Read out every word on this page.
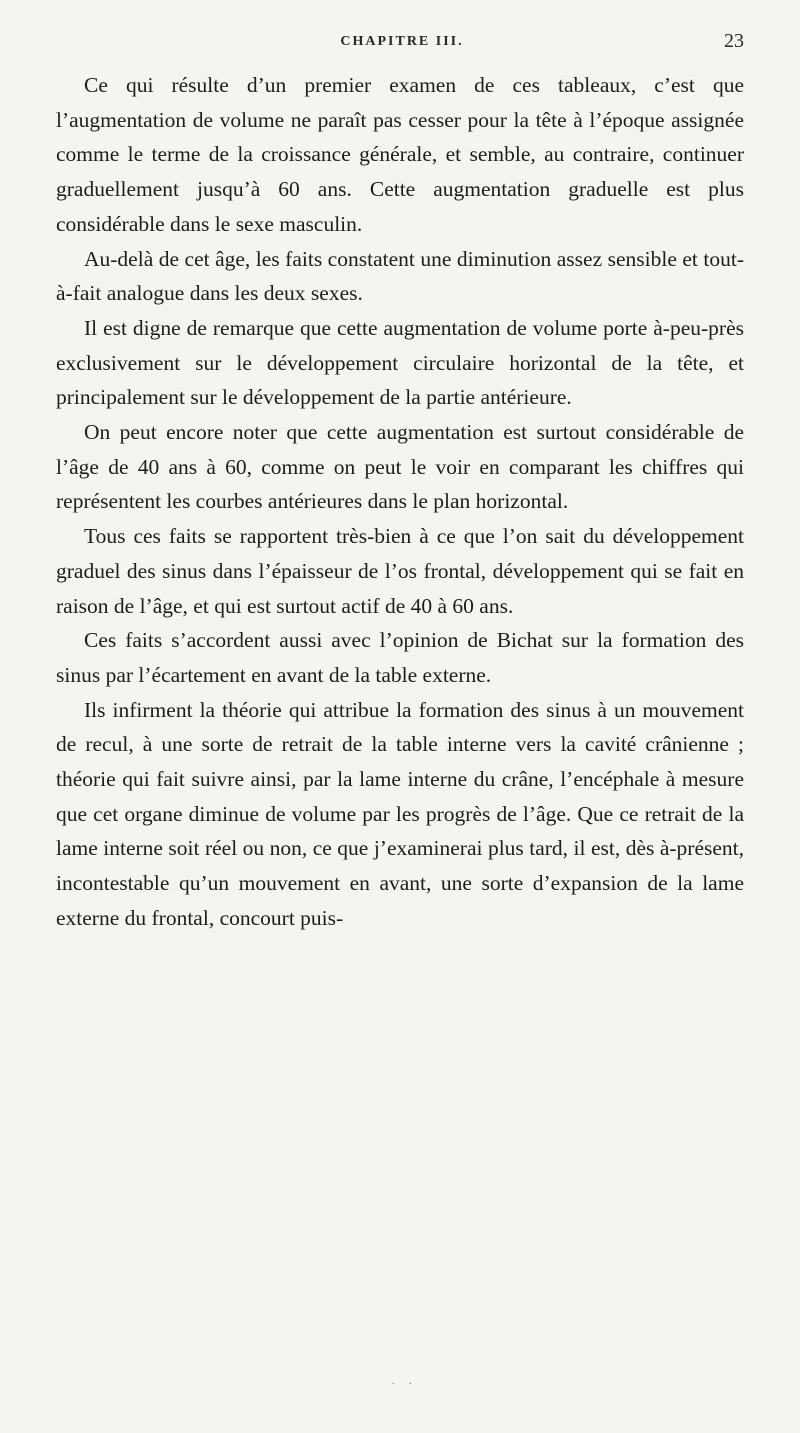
CHAPITRE III.	23

Ce qui résulte d’un premier examen de ces tableaux, c’est que l’augmentation de volume ne paraît pas cesser pour la tête à l’époque assignée comme le terme de la croissance générale, et semble, au contraire, continuer graduellement jusqu’à 60 ans. Cette augmentation graduelle est plus considérable dans le sexe masculin.

Au-delà de cet âge, les faits constatent une diminution assez sensible et tout-à-fait analogue dans les deux sexes.

Il est digne de remarque que cette augmentation de volume porte à-peu-près exclusivement sur le développement circulaire horizontal de la tête, et principalement sur le développement de la partie antérieure.

On peut encore noter que cette augmentation est surtout considérable de l’âge de 40 ans à 60, comme on peut le voir en comparant les chiffres qui représentent les courbes antérieures dans le plan horizontal.

Tous ces faits se rapportent très-bien à ce que l’on sait du développement graduel des sinus dans l’épaisseur de l’os frontal, développement qui se fait en raison de l’âge, et qui est surtout actif de 40 à 60 ans.

Ces faits s’accordent aussi avec l’opinion de Bichat sur la formation des sinus par l’écartement en avant de la table externe.

Ils infirment la théorie qui attribue la formation des sinus à un mouvement de recul, à une sorte de retrait de la table interne vers la cavité crânienne ; théorie qui fait suivre ainsi, par la lame interne du crâne, l’encéphale à mesure que cet organe diminue de volume par les progrès de l’âge. Que ce retrait de la lame interne soit réel ou non, ce que j’examinerai plus tard, il est, dès à-présent, incontestable qu’un mouvement en avant, une sorte d’expansion de la lame externe du frontal, concourt puis-

. .
